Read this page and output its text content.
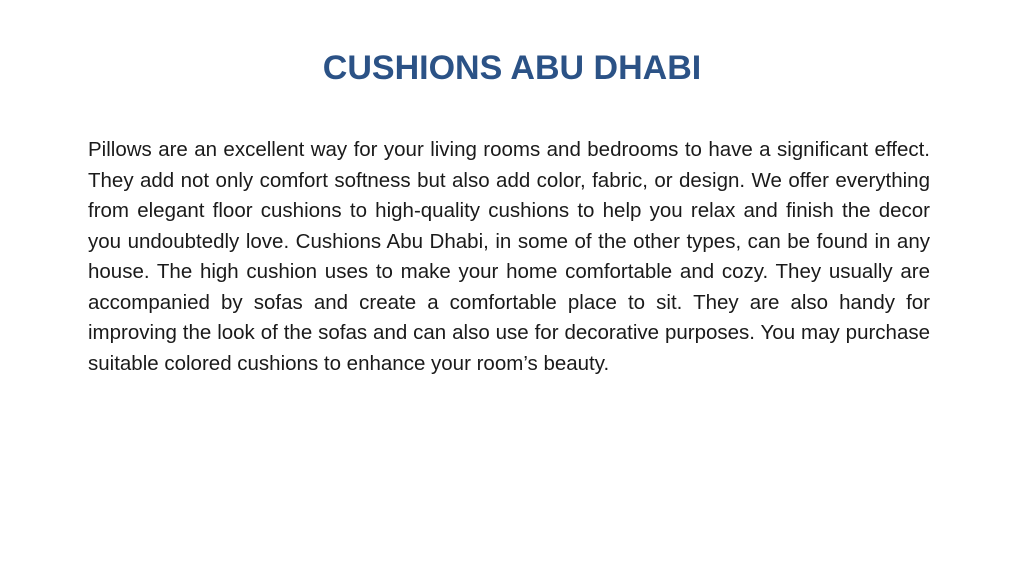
CUSHIONS ABU DHABI

Pillows are an excellent way for your living rooms and bedrooms to have a significant effect. They add not only comfort softness but also add color, fabric, or design. We offer everything from elegant floor cushions to high-quality cushions to help you relax and finish the decor you undoubtedly love. Cushions Abu Dhabi, in some of the other types, can be found in any house. The high cushion uses to make your home comfortable and cozy. They usually are accompanied by sofas and create a comfortable place to sit. They are also handy for improving the look of the sofas and can also use for decorative purposes. You may purchase suitable colored cushions to enhance your room’s beauty.
